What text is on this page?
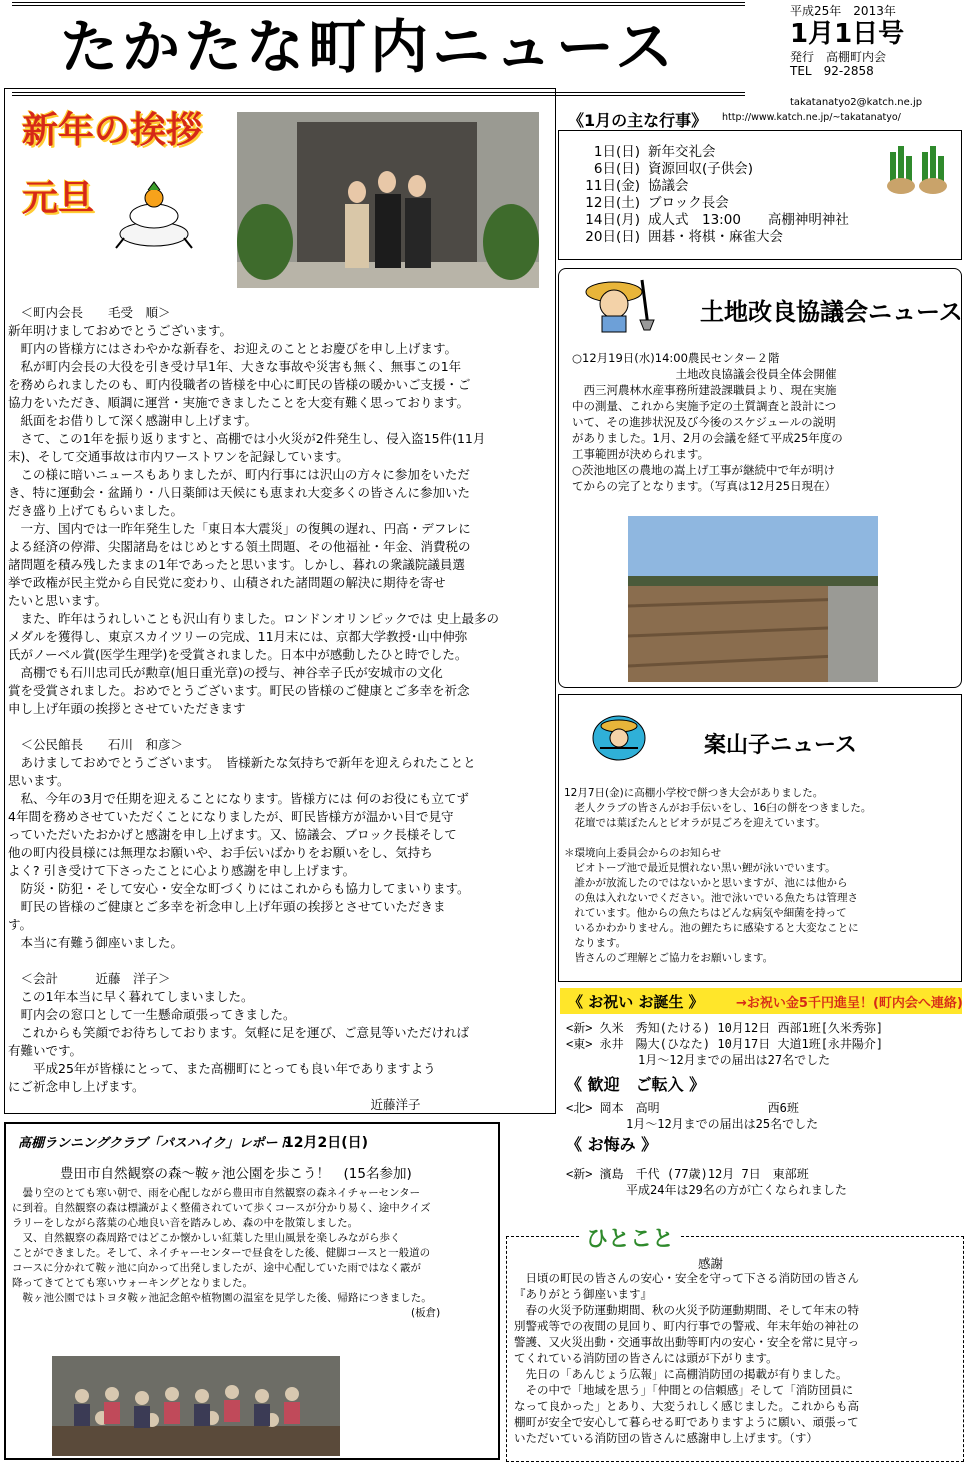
たかたな町内ニュース
平成25年　 2013年
1月1日号
発行　高棚町内会
TEL　92-2858
takatanatyo2@katch.ne.jp
新年の挨拶
元旦

　＜町内会長　　毛受　順＞

新年明けましておめでとうございます。

　町内の皆様方にはさわやかな新春を、お迎えのこととお慶びを申し上げます。

　私が町内会長の大役を引き受け早1年、大きな事故や災害も無く、無事この1年

を務められましたのも、町内役職者の皆様を中心に町民の皆様の暖かいご支援・ご

協力をいただき、順調に運営・実施できましたことを大変有難く思っております。

　紙面をお借りして深く感謝申し上げます。

　さて、この1年を振り返りますと、高棚では小火災が2件発生し、侵入盗15件(11月

末)、そして交通事故は市内ワーストワンを記録しています。

　この様に暗いニュースもありましたが、町内行事には沢山の方々に参加をいただ

き、特に運動会・盆踊り・八日薬師は天候にも恵まれ大変多くの皆さんに参加いた

だき盛り上げてもらいました。

　一方、国内では一昨年発生した「東日本大震災」の復興の遅れ、円高・デフレに

よる経済の停滞、尖閣諸島をはじめとする領土問題、その他福祉・年金、消費税の

諸問題を積み残したままの1年であったと思います。しかし、暮れの衆議院議員選

挙で政権が民主党から自民党に変わり、山積された諸問題の解決に期待を寄せ

たいと思います。

　また、昨年はうれしいことも沢山有りました。ロンドンオリンピックでは 史上最多の

メダルを獲得し、東京スカイツリーの完成、11月末には、京都大学教授･山中伸弥

氏がノーベル賞(医学生理学)を受賞されました。日本中が感動したひと時でした。

　高棚でも石川忠司氏が勲章(旭日重光章)の授与、神谷幸子氏が安城市の文化

賞を受賞されました。おめでとうございます。町民の皆様のご健康とご多幸を祈念

申し上げ年頭の挨拶とさせていただきます

　＜公民館長　　石川　和彦＞

　あけましておめでとうございます。　皆様新たな気持ちで新年を迎えられたことと

思います。

　私、今年の3月で任期を迎えることになります。皆様方には 何のお役にも立てず

4年間を務めさせていただくことになりましたが、町民皆様方が温かい目で見守

っていただいたおかげと感謝を申し上げます。又、協議会、ブロック長様そして

他の町内役員様には無理なお願いや、お手伝いばかりをお願いをし、気持ち

よく? 引き受けて下さったことに心より感謝を申し上げます。

　防災・防犯・そして安心・安全な町づくりにはこれからも協力してまいります。

　町民の皆様のご健康とご多幸を祈念申し上げ年頭の挨拶とさせていただきま

す。

　本当に有難う御座いました。

　＜会計　　　近藤　洋子＞

　この1年本当に早く暮れてしまいました。

　町内会の窓口として一生懸命頑張ってきました。

　これからも笑顔でお待ちしております。気軽に足を運び、ご意見等いただければ

有難いです。

　　平成25年が皆様にとって、また高棚町にとっても良い年でありますよう

にご祈念申し上げます。

　　　　　　　　　　　　　　　　　　　　　　　　　　　　　近藤洋子

《1月の主な行事》 http://www.katch.ne.jp/~takatanatyo/
1日(日) 新年交礼会
6日(日) 資源回収(子供会)
11日(金) 協議会
12日(土) ブロック長会
14日(月) 成人式　13:00　　高棚神明神社
20日(日) 囲碁・将棋・麻雀大会
土地改良協議会ニュース

○12月19日(水)14:00農民センター２階

　　　　　　　　　土地改良協議会役員全体会開催

　西三河農林水産事務所建設課職員より、現在実施

中の測量、これから実施予定の土質調査と設計につ

いて、その進捗状況及び今後のスケジュールの説明

がありました。1月、2月の会議を経て平成25年度の

工事範囲が決められます。

○茨池地区の農地の嵩上げ工事が継続中で年が明け

てからの完了となります。（写真は12月25日現在）

案山子ニュース

12月7日(金)に高棚小学校で餅つき大会がありました。

　老人クラブの皆さんがお手伝いをし、16臼の餅をつきました。

　花壇では葉ぼたんとビオラが見ごろを迎えています。

＊環境向上委員会からのお知らせ

　ビオトープ池で最近見慣れない黒い鯉が泳いでいます。

　誰かが放流したのではないかと思いますが、池には他から

　の魚は入れないでください。池で泳いでいる魚たちは管理さ

　れています。他からの魚たちはどんな病気や細菌を持って

　いるかわかりません。池の鯉たちに感染すると大変なことに

　なります。

　皆さんのご理解とご協力をお願いします。

《 お祝い お誕生 》 →お祝い金5千円進呈！(町内会へ連絡)

<新> 久米　秀知(たける) 10月12日 西部1班[久米秀弥]

<東> 永井　陽大(ひなた) 10月17日 大道1班[永井陽介]

　　　　　　1月～12月までの届出は27名でした

《 歓迎　ご転入 》

<北> 岡本　高明　　　　　　　　　西6班

　　　　　1月～12月までの届出は25名でした

《 お悔み 》

<新> 濱島　千代 (77歳)12月 7日　東部班

　　　　　平成24年は29名の方が亡くなられました

ひとこと
感謝

　日頃の町民の皆さんの安心・安全を守って下さる消防団の皆さん

『ありがとう御座います』

　春の火災予防運動期間、秋の火災予防運動期間、そして年末の特

別警戒等での夜間の見回り、町内行事での警戒、年末年始の神社の

警護、又火災出動・交通事故出動等町内の安心・安全を常に見守っ

てくれている消防団の皆さんには頭が下がります。

　先日の「あんじょう広報」に高棚消防団の掲載が有りました。

　その中で「地域を思う」「仲間との信頼感」そして「消防団員に

なって良かった」とあり、大変うれしく感じました。これからも高

棚町が安全で安心して暮らせる町でありますように願い、頑張って

いただいている消防団の皆さんに感謝申し上げます。（す）

高棚ランニングクラブ「パスハイク」レポート
12月2日(日)
豊田市自然観察の森～鞍ヶ池公園を歩こう！　(15名参加)

　曇り空のとても寒い朝で、雨を心配しながら豊田市自然観察の森ネイチャーセンター

に到着。自然観察の森は標識がよく整備されていて歩くコースが分かり易く、途中クイズ

ラリーをしながら落葉の心地良い音を踏みしめ、森の中を散策しました。

　又、自然観察の森周路ではどこか懐かしい紅葉した里山風景を楽しみながら歩く

ことができました。そして、ネイチャーセンターで昼食をした後、健脚コースと一般道の

コースに分かれて鞍ヶ池に向かって出発しましたが、途中心配していた雨ではなく霰が

降ってきてとても寒いウォーキングとなりました。

　鞍ヶ池公園ではトヨタ鞍ヶ池記念館や植物園の温室を見学した後、帰路につきました。

　　　　　　　　　　　　　　　　　　　　　　　　　　　　　　　　　　　　　　(板倉)
